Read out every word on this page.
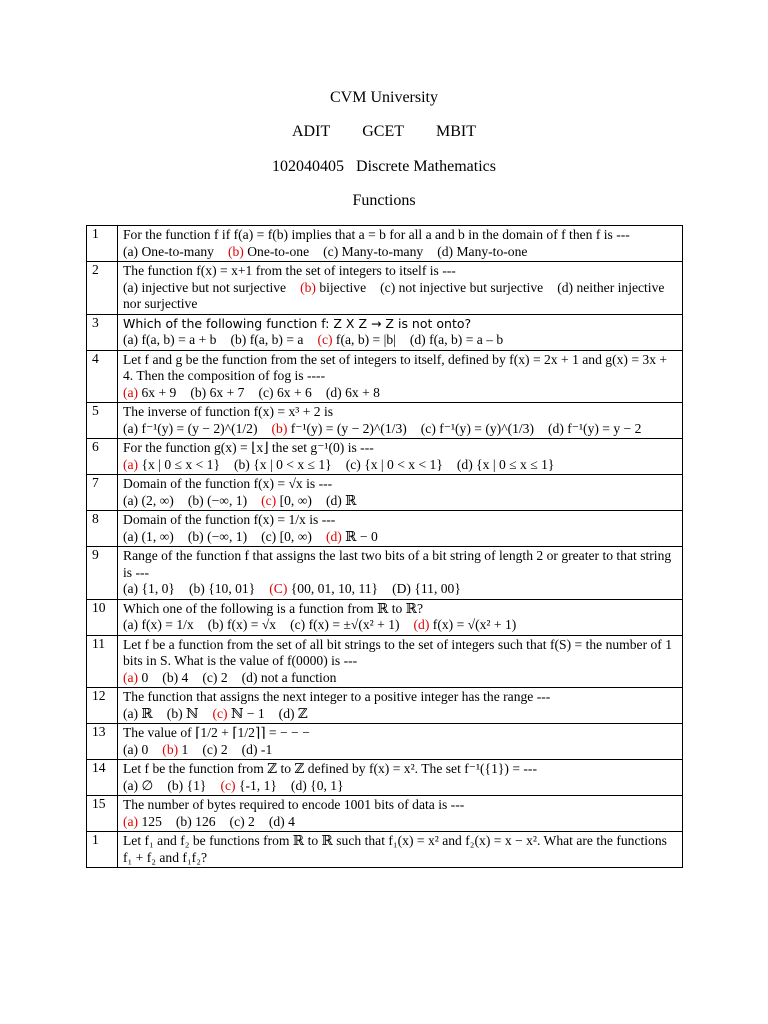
CVM University
ADIT GCET MBIT
102040405   Discrete Mathematics
Functions
1	For the function f if f(a) = f(b) implies that a = b for all a and b in the domain of f then f is ---
(a) One-to-many (b) One-to-one (c) Many-to-many (d) Many-to-one

2	The function f(x) = x+1 from the set of integers to itself is ---
(a) injective but not surjective (b) bijective (c) not injective but surjective (d) neither injective nor surjective

3	Which of the following function f: Z X Z → Z is not onto?
(a) f(a, b) = a + b (b) f(a, b) = a (c) f(a, b) = |b| (d) f(a, b) = a – b

4	Let f and g be the function from the set of integers to itself, defined by f(x) = 2x + 1 and g(x) = 3x + 4. Then the composition of fog is ----
(a) 6x + 9 (b) 6x + 7 (c) 6x + 6 (d) 6x + 8

5	The inverse of function f(x) = x³ + 2 is
(a) f⁻¹(y) = (y − 2)^(1/2) (b) f⁻¹(y) = (y − 2)^(1/3) (c) f⁻¹(y) = (y)^(1/3) (d) f⁻¹(y) = y − 2

6	For the function g(x) = ⌊x⌋ the set g⁻¹(0) is ---
(a) {x | 0 ≤ x < 1} (b) {x | 0 < x ≤ 1} (c) {x | 0 < x < 1} (d) {x | 0 ≤ x ≤ 1}

7	Domain of the function f(x) = √x is ---
(a) (2, ∞) (b) (−∞, 1) (c) [0, ∞) (d) ℝ

8	Domain of the function f(x) = 1/x is ---
(a) (1, ∞) (b) (−∞, 1) (c) [0, ∞) (d) ℝ − 0

9	Range of the function f that assigns the last two bits of a bit string of length 2 or greater to that string is ---
(a) {1, 0} (b) {10, 01} (C) {00, 01, 10, 11} (D) {11, 00}

10	Which one of the following is a function from ℝ to ℝ?
(a) f(x) = 1/x (b) f(x) = √x (c) f(x) = ±√(x² + 1) (d) f(x) = √(x² + 1)

11	Let f be a function from the set of all bit strings to the set of integers such that f(S) = the number of 1 bits in S. What is the value of f(0000) is ---
(a) 0 (b) 4 (c) 2 (d) not a function

12	The function that assigns the next integer to a positive integer has the range ---
(a) ℝ (b) ℕ (c) ℕ − 1 (d) ℤ

13	The value of ⌈1/2 + ⌈1/2⌉⌉ = − − −
(a) 0 (b) 1 (c) 2 (d) -1

14	Let f be the function from ℤ to ℤ defined by f(x) = x². The set f⁻¹({1}) = ---
(a) ∅ (b) {1} (c) {-1, 1} (d) {0, 1}

15	The number of bytes required to encode 1001 bits of data is ---
(a) 125 (b) 126 (c) 2 (d) 4

1	Let f₁ and f₂ be functions from ℝ to ℝ such that f₁(x) = x² and f₂(x) = x − x². What are the functions f₁ + f₂ and f₁f₂?
